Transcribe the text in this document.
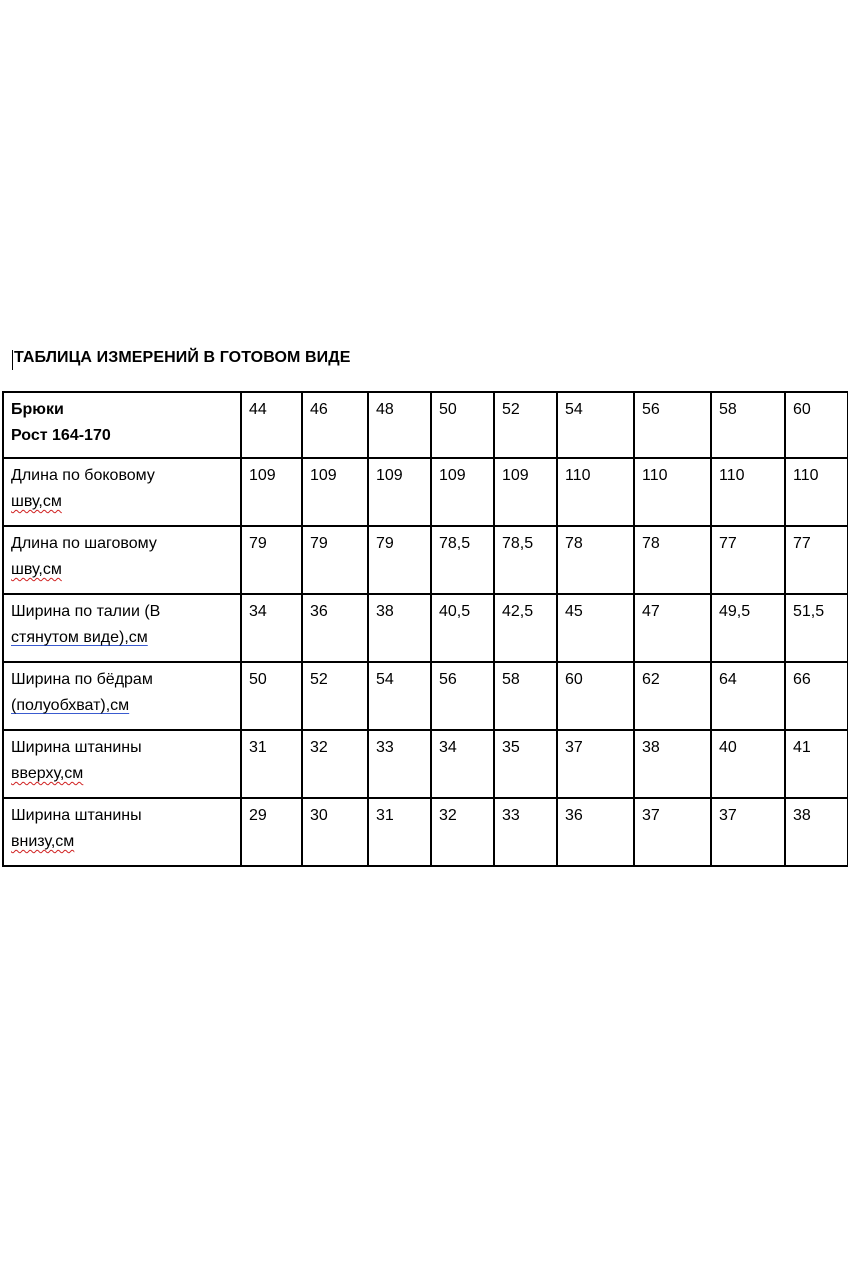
ТАБЛИЦА ИЗМЕРЕНИЙ В ГОТОВОМ ВИДЕ
Брюки
Рост 164-170	44	46	48	50	52	54	56	58	60

Длина по боковому
шву,см	109	109	109	109	109	110	110	110	110

Длина по шаговому
шву,см	79	79	79	78,5	78,5	78	78	77	77

Ширина по талии (В
стянутом виде),см	34	36	38	40,5	42,5	45	47	49,5	51,5

Ширина по бёдрам
(полуобхват),см	50	52	54	56	58	60	62	64	66

Ширина штанины
вверху,см	31	32	33	34	35	37	38	40	41

Ширина штанины
внизу,см	29	30	31	32	33	36	37	37	38
